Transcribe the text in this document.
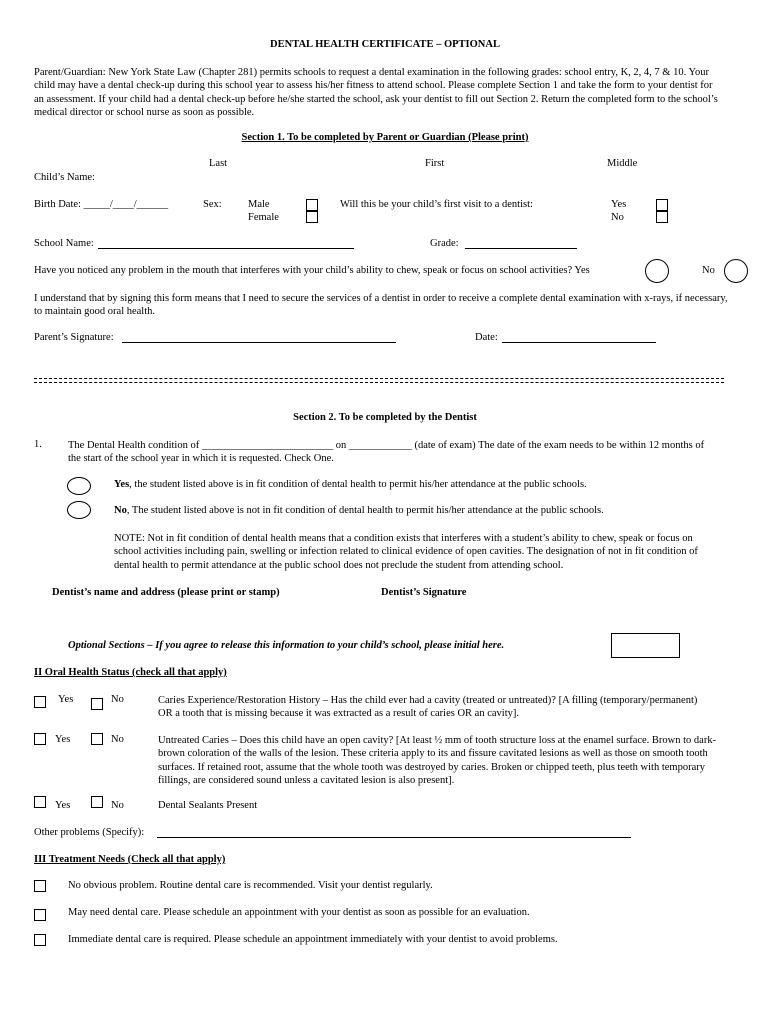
DENTAL HEALTH CERTIFICATE – OPTIONAL
Parent/Guardian: New York State Law (Chapter 281) permits schools to request a dental examination in the following grades: school entry, K, 2, 4, 7 & 10. Your child may have a dental check-up during this school year to assess his/her fitness to attend school. Please complete Section 1 and take the form to your dentist for an assessment. If your child had a dental check-up before he/she started the school, ask your dentist to fill out Section 2. Return the completed form to the school’s medical director or school nurse as soon as possible.
Section 1. To be completed by Parent or Guardian (Please print)
Last	First	Middle
Child’s Name:
Birth Date: _____/____/______	Sex:	Male
Female
Will this be your child’s first visit to a dentist:	Yes
No
School Name:	Grade:
Have you noticed any problem in the mouth that interferes with your child’s ability to chew, speak or focus on school activities? Yes	No
I understand that by signing this form means that I need to secure the services of a dentist in order to receive a complete dental examination with x-rays, if necessary, to maintain good oral health.
Parent’s Signature:	Date:
Section 2. To be completed by the Dentist
1. The Dental Health condition of _________________________ on ____________ (date of exam) The date of the exam needs to be within 12 months of the start of the school year in which it is requested. Check One.
Yes, the student listed above is in fit condition of dental health to permit his/her attendance at the public schools.
No, The student listed above is not in fit condition of dental health to permit his/her attendance at the public schools.
NOTE: Not in fit condition of dental health means that a condition exists that interferes with a student’s ability to chew, speak or focus on school activities including pain, swelling or infection related to clinical evidence of open cavities. The designation of not in fit condition of dental health to permit attendance at the public school does not preclude the student from attending school.
Dentist’s name and address (please print or stamp)	Dentist’s Signature
Optional Sections – If you agree to release this information to your child’s school, please initial here.
II Oral Health Status (check all that apply)
Yes	No	Caries Experience/Restoration History – Has the child ever had a cavity (treated or untreated)? [A filling (temporary/permanent) OR a tooth that is missing because it was extracted as a result of caries OR an cavity].
Yes	No	Untreated Caries – Does this child have an open cavity? [At least ½ mm of tooth structure loss at the enamel surface. Brown to dark-brown coloration of the walls of the lesion. These criteria apply to its and fissure cavitated lesions as well as those on smooth tooth surfaces. If retained root, assume that the whole tooth was destroyed by caries. Broken or chipped teeth, plus teeth with temporary fillings, are considered sound unless a cavitated lesion is also present].
Yes	No	Dental Sealants Present
Other problems (Specify):
III Treatment Needs (Check all that apply)
No obvious problem. Routine dental care is recommended. Visit your dentist regularly.
May need dental care. Please schedule an appointment with your dentist as soon as possible for an evaluation.
Immediate dental care is required. Please schedule an appointment immediately with your dentist to avoid problems.
